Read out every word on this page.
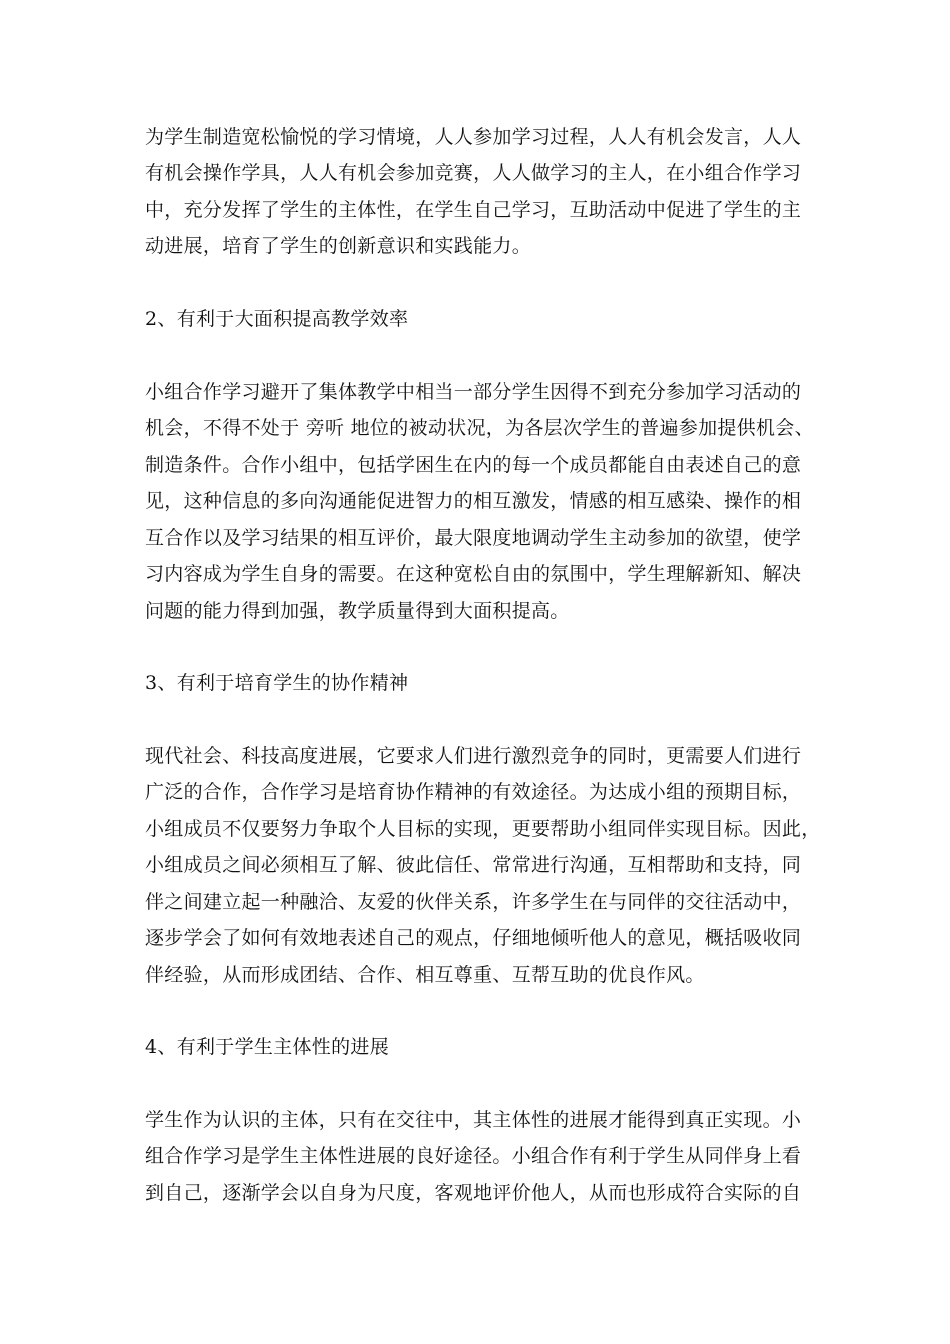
为学生制造宽松愉悦的学习情境，人人参加学习过程，人人有机会发言，人人
有机会操作学具，人人有机会参加竞赛，人人做学习的主人，在小组合作学习
中，充分发挥了学生的主体性，在学生自己学习，互助活动中促进了学生的主
动进展，培育了学生的创新意识和实践能力。
2、有利于大面积提高教学效率
小组合作学习避开了集体教学中相当一部分学生因得不到充分参加学习活动的
机会，不得不处于 旁听 地位的被动状况，为各层次学生的普遍参加提供机会、
制造条件。合作小组中，包括学困生在内的每一个成员都能自由表述自己的意
见，这种信息的多向沟通能促进智力的相互激发，情感的相互感染、操作的相
互合作以及学习结果的相互评价，最大限度地调动学生主动参加的欲望，使学
习内容成为学生自身的需要。在这种宽松自由的氛围中，学生理解新知、解决
问题的能力得到加强，教学质量得到大面积提高。
3、有利于培育学生的协作精神
现代社会、科技高度进展，它要求人们进行激烈竞争的同时，更需要人们进行
广泛的合作，合作学习是培育协作精神的有效途径。为达成小组的预期目标，
小组成员不仅要努力争取个人目标的实现，更要帮助小组同伴实现目标。因此，
小组成员之间必须相互了解、彼此信任、常常进行沟通，互相帮助和支持，同
伴之间建立起一种融洽、友爱的伙伴关系，许多学生在与同伴的交往活动中，
逐步学会了如何有效地表述自己的观点，仔细地倾听他人的意见，概括吸收同
伴经验，从而形成团结、合作、相互尊重、互帮互助的优良作风。
4、有利于学生主体性的进展
学生作为认识的主体，只有在交往中，其主体性的进展才能得到真正实现。小
组合作学习是学生主体性进展的良好途径。小组合作有利于学生从同伴身上看
到自己，逐渐学会以自身为尺度，客观地评价他人，从而也形成符合实际的自
